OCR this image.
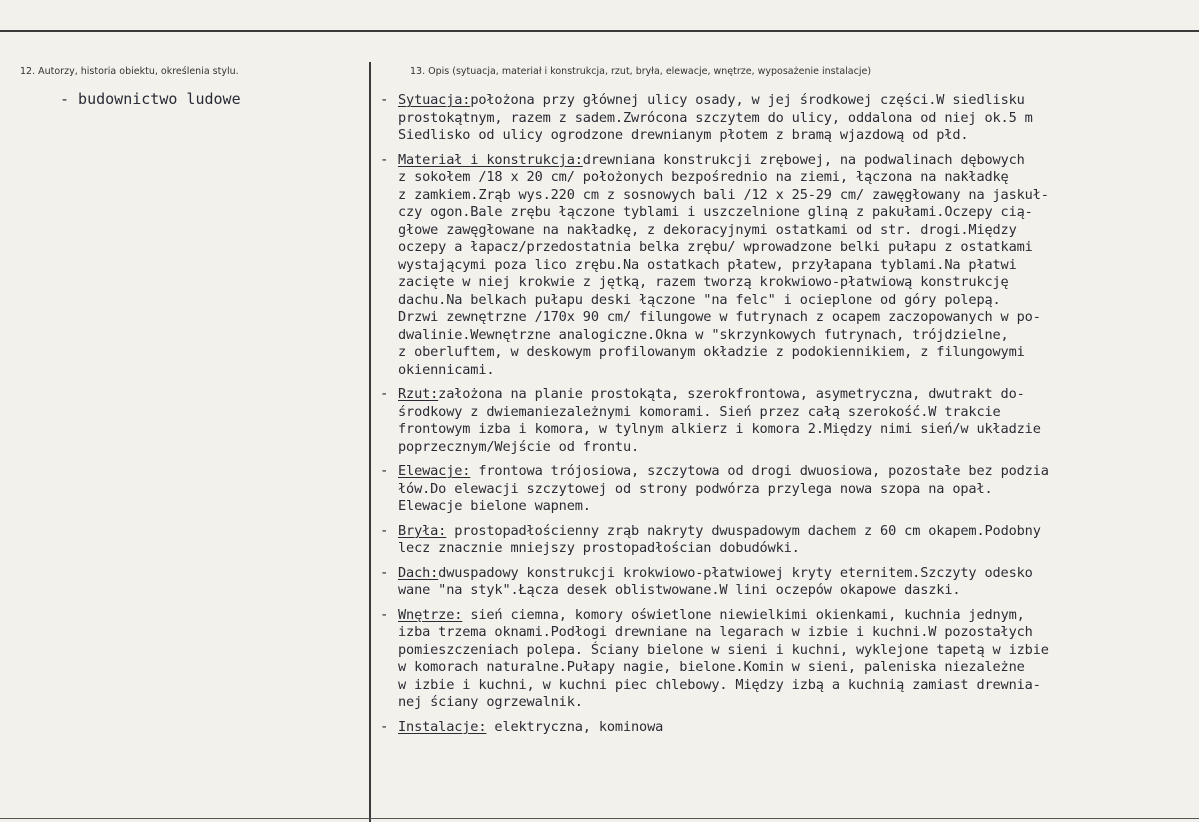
12. Autorzy, historia obiektu, określenia stylu.	13. Opis (sytuacja, materiał i konstrukcja, rzut, bryła, elewacje, wnętrze, wyposażenie instalacje)
- budownictwo ludowe	- Sytuacja:położona przy głównej ulicy osady, w jej środkowej części.W siedlisku
prostokątnym, razem z sadem.Zwrócona szczytem do ulicy, oddalona od niej ok.5 m
Siedlisko od ulicy ogrodzone drewnianym płotem z bramą wjazdową od płd.
- Materiał i konstrukcja:drewniana konstrukcji zrębowej, na podwalinach dębowych
z sokołem /18 x 20 cm/ położonych bezpośrednio na ziemi, łączona na nakładkę
z zamkiem.Zrąb wys.220 cm z sosnowych bali /12 x 25-29 cm/ zawęgłowany na jaskuł-
czy ogon.Bale zrębu łączone tyblami i uszczelnione gliną z pakułami.Oczepy cią-
głowe zawęgłowane na nakładkę, z dekoracyjnymi ostatkami od str. drogi.Między
oczepy a łapacz/przedostatnia belka zrębu/ wprowadzone belki pułapu z ostatkami
wystającymi poza lico zrębu.Na ostatkach płatew, przyłapana tyblami.Na płatwi
zacięte w niej krokwie z jętką, razem tworzą krokwiowo-płatwiową konstrukcję
dachu.Na belkach pułapu deski łączone "na felc" i ocieplone od góry polepą.
Drzwi zewnętrzne /170x 90 cm/ filungowe w futrynach z ocapem zaczopowanych w po-
dwalinie.Wewnętrzne analogiczne.Okna w "skrzynkowych futrynach, trójdzielne,
z oberluftem, w deskowym profilowanym okładzie z podokiennikiem, z filungowymi
okiennicami.
- Rzut:założona na planie prostokąta, szerokfrontowa, asymetryczna, dwutrakt do-
środkowy z dwiemaniezależnymi komorami. Sień przez całą szerokość.W trakcie
frontowym izba i komora, w tylnym alkierz i komora 2.Między nimi sień/w układzie
poprzecznym/Wejście od frontu.
- Elewacje: frontowa trójosiowa, szczytowa od drogi dwuosiowa, pozostałe bez podzia
łów.Do elewacji szczytowej od strony podwórza przylega nowa szopa na opał.
Elewacje bielone wapnem.
- Bryła: prostopadłościenny zrąb nakryty dwuspadowym dachem z 60 cm okapem.Podobny
lecz znacznie mniejszy prostopadłościan dobudówki.
- Dach:dwuspadowy konstrukcji krokwiowo-płatwiowej kryty eternitem.Szczyty odesko
wane "na styk".Łącza desek oblistwowane.W lini oczepów okapowe daszki.
- Wnętrze: sień ciemna, komory oświetlone niewielkimi okienkami, kuchnia jednym,
izba trzema oknami.Podłogi drewniane na legarach w izbie i kuchni.W pozostałych
pomieszczeniach polepa. Ściany bielone w sieni i kuchni, wyklejone tapetą w izbie
w komorach naturalne.Pułapy nagie, bielone.Komin w sieni, paleniska niezależne
w izbie i kuchni, w kuchni piec chlebowy. Między izbą a kuchnią zamiast drewnia-
nej ściany ogrzewalnik.
- Instalacje: elektryczna, kominowa
